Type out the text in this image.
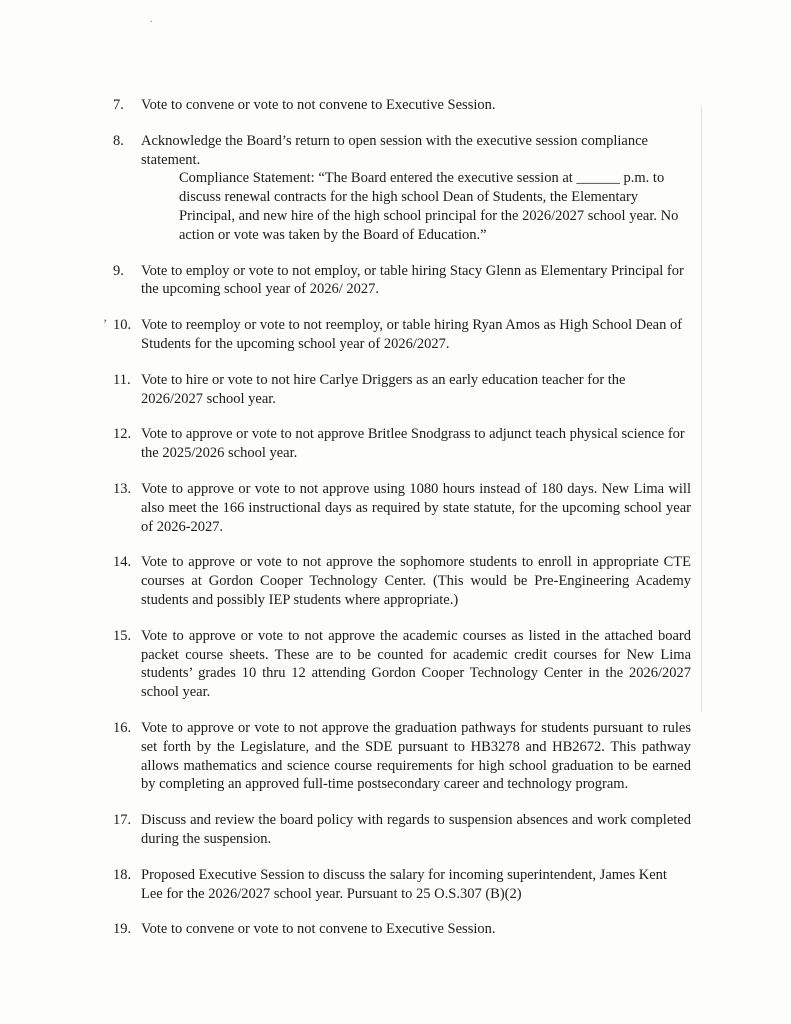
.
’
7.	Vote to convene or vote to not convene to Executive Session.
8.	Acknowledge the Board’s return to open session with the executive session compliance statement.
Compliance Statement: “The Board entered the executive session at ______ p.m. to discuss renewal contracts for the high school Dean of Students, the Elementary Principal, and new hire of the high school principal for the 2026/2027 school year. No action or vote was taken by the Board of Education.”
9.	Vote to employ or vote to not employ, or table hiring Stacy Glenn as Elementary Principal for the upcoming school year of 2026/ 2027.
10. Vote to reemploy or vote to not reemploy, or table hiring Ryan Amos as High School Dean of Students for the upcoming school year of 2026/2027.
11. Vote to hire or vote to not hire Carlye Driggers as an early education teacher for the 2026/2027 school year.
12. Vote to approve or vote to not approve Britlee Snodgrass to adjunct teach physical science for the 2025/2026 school year.
13. Vote to approve or vote to not approve using 1080 hours instead of 180 days. New Lima will also meet the 166 instructional days as required by state statute, for the upcoming school year of 2026-2027.
14. Vote to approve or vote to not approve the sophomore students to enroll in appropriate CTE courses at Gordon Cooper Technology Center. (This would be Pre-Engineering Academy students and possibly IEP students where appropriate.)
15. Vote to approve or vote to not approve the academic courses as listed in the attached board packet course sheets. These are to be counted for academic credit courses for New Lima students’ grades 10 thru 12 attending Gordon Cooper Technology Center in the 2026/2027 school year.
16. Vote to approve or vote to not approve the graduation pathways for students pursuant to rules set forth by the Legislature, and the SDE pursuant to HB3278 and HB2672. This pathway allows mathematics and science course requirements for high school graduation to be earned by completing an approved full-time postsecondary career and technology program.
17. Discuss and review the board policy with regards to suspension absences and work completed during the suspension.
18. Proposed Executive Session to discuss the salary for incoming superintendent, James Kent Lee for the 2026/2027 school year. Pursuant to 25 O.S.307 (B)(2)
19. Vote to convene or vote to not convene to Executive Session.
